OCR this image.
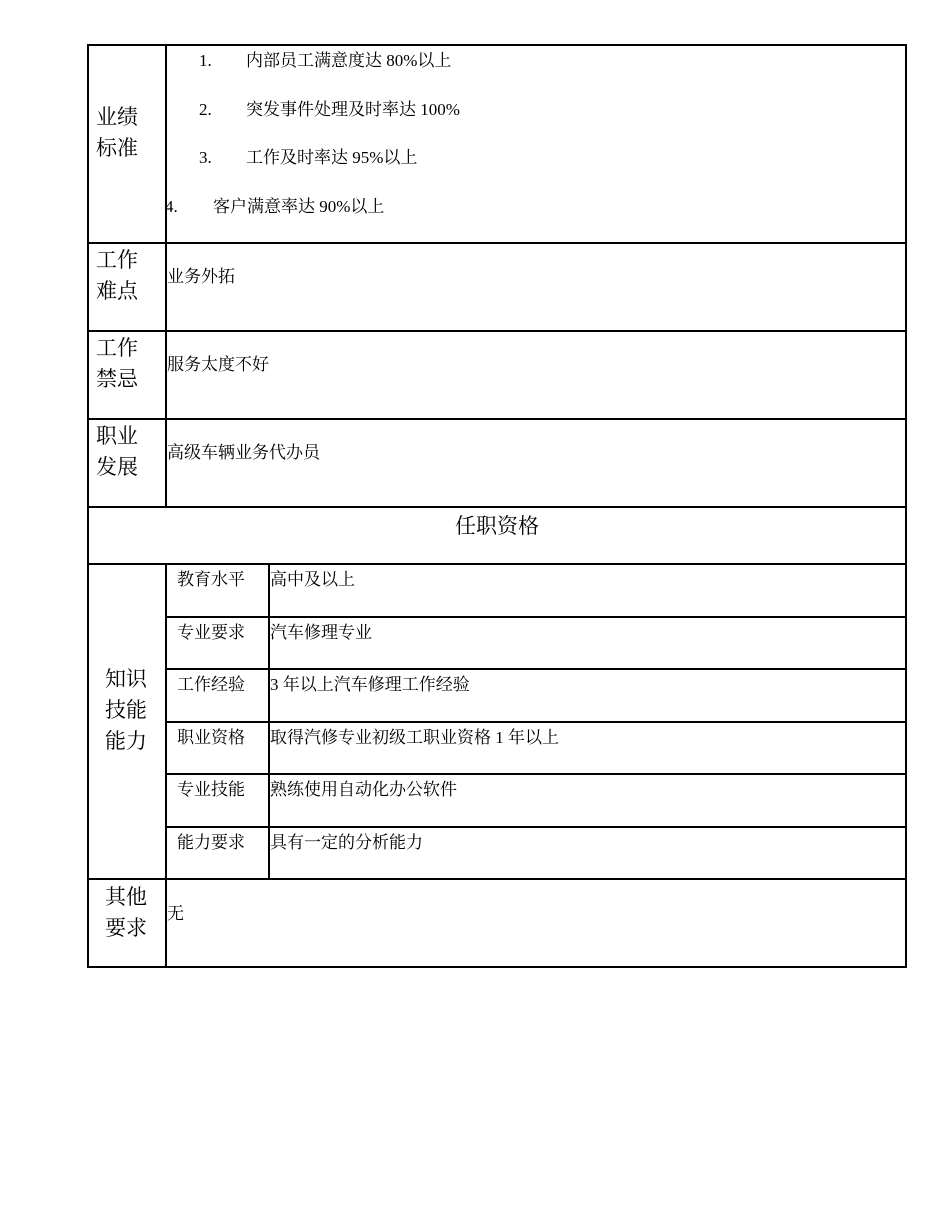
业绩
标准
1. 内部员工满意度达 80%以上
2. 突发事件处理及时率达 100%
3. 工作及时率达 95%以上
4. 客户满意率达 90%以上
工作
难点
业务外拓
工作
禁忌
服务太度不好
职业
发展
高级车辆业务代办员
任职资格
知识
技能
能力
教育水平 高中及以上
专业要求 汽车修理专业
工作经验 3 年以上汽车修理工作经验
职业资格 取得汽修专业初级工职业资格 1 年以上
专业技能 熟练使用自动化办公软件
能力要求 具有一定的分析能力
其他
要求
无
